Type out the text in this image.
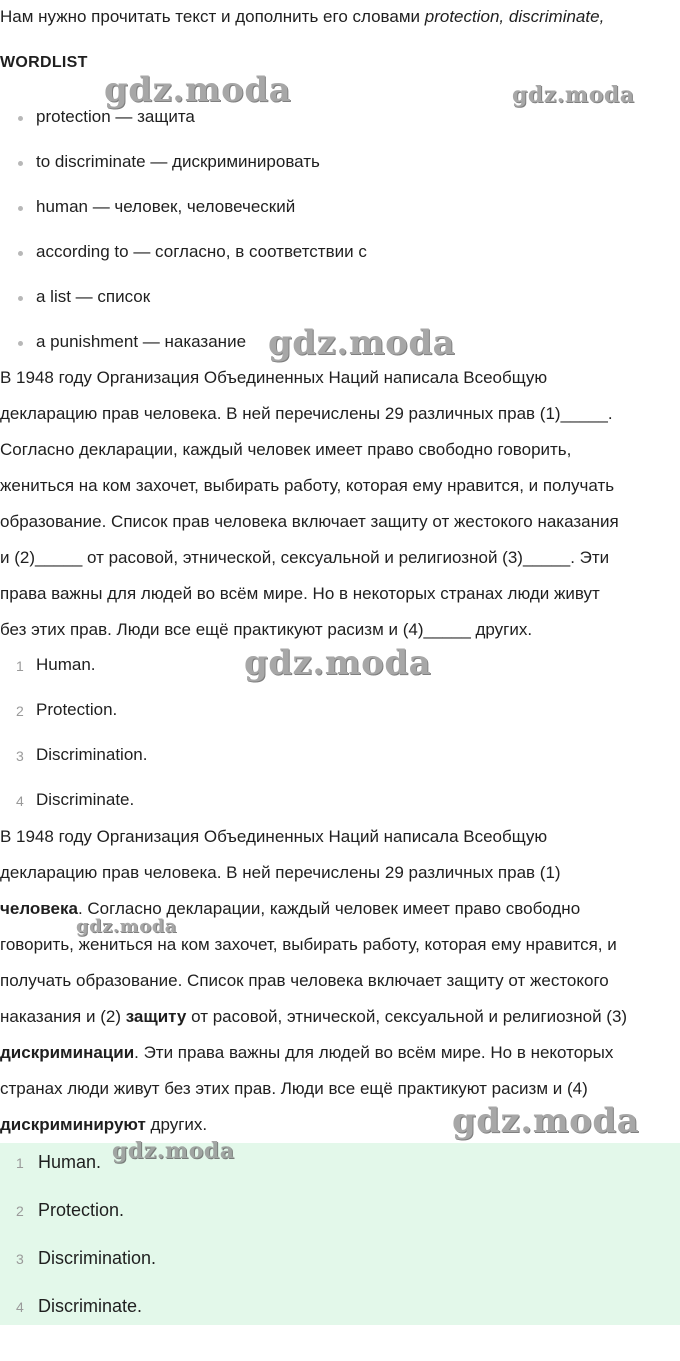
Нам нужно прочитать текст и дополнить его словами protection, discriminate,
WORDLIST
protection — защита
to discriminate — дискриминировать
human — человек, человеческий
according to — согласно, в соответствии с
a list — список
a punishment — наказание
В 1948 году Организация Объединенных Наций написала Всеобщую
декларацию прав человека. В ней перечислены 29 различных прав (1)_____.
Согласно декларации, каждый человек имеет право свободно говорить,
жениться на ком захочет, выбирать работу, которая ему нравится, и получать
образование. Список прав человека включает защиту от жестокого наказания
и (2)_____ от расовой, этнической, сексуальной и религиозной (3)_____. Эти
права важны для людей во всём мире. Но в некоторых странах люди живут
без этих прав. Люди все ещё практикуют расизм и (4)_____ других.
1 Human.
2 Protection.
3 Discrimination.
4 Discriminate.
В 1948 году Организация Объединенных Наций написала Всеобщую
декларацию прав человека. В ней перечислены 29 различных прав (1)
человека. Согласно декларации, каждый человек имеет право свободно
говорить, жениться на ком захочет, выбирать работу, которая ему нравится, и
получать образование. Список прав человека включает защиту от жестокого
наказания и (2) защиту от расовой, этнической, сексуальной и религиозной (3)
дискриминации. Эти права важны для людей во всём мире. Но в некоторых
странах люди живут без этих прав. Люди все ещё практикуют расизм и (4)
дискриминируют других.
1 Human.
2 Protection.
3 Discrimination.
4 Discriminate.
gdz.moda	gdz.moda
gdz.moda
gdz.moda
gdz.moda
gdz.moda
gdz.moda
